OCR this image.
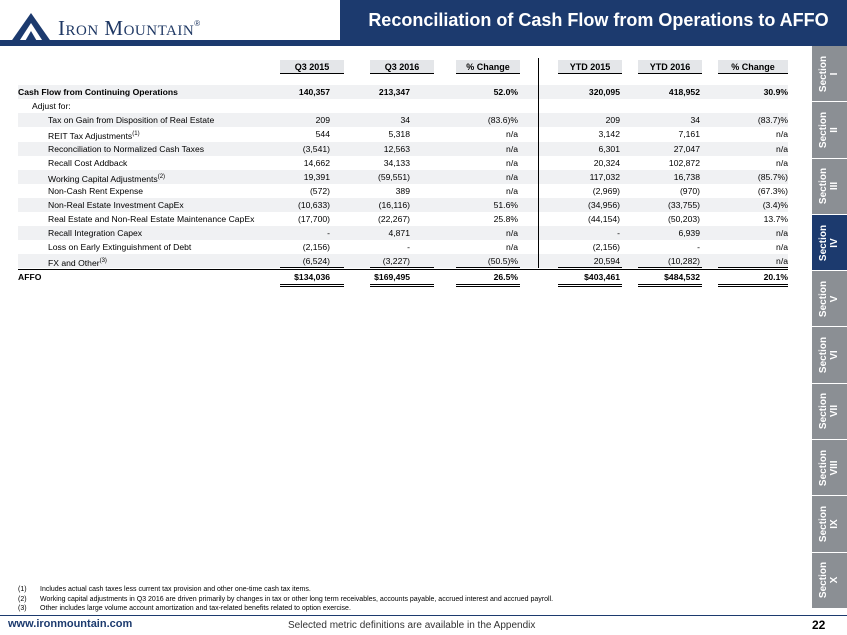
Iron Mountain ®	Reconciliation of Cash Flow from Operations to AFFO
Section I
Section II
Section III
Section IV
Section V
Section VI
Section VII
Section VIII
Section IX
Section X
Q3 2015	Q3 2016	% Change	YTD 2015	YTD 2016	% Change
Cash Flow from Continuing Operations	140,357	213,347	52.0%	320,095	418,952	30.9%
Adjust for:
Tax on Gain from Disposition of Real Estate	209	34	(83.6)%	209	34	(83.7)%
REIT Tax Adjustments$^{(1)}$	544	5,318	n/a	3,142	7,161	n/a
Reconciliation to Normalized Cash Taxes	(3,541)	12,563	n/a	6,301	27,047	n/a
Recall Cost Addback	14,662	34,133	n/a	20,324	102,872	n/a
Working Capital Adjustments$^{(2)}$	19,391	(59,551)	n/a	117,032	16,738	(85.7%)
Non-Cash Rent Expense	(572)	389	n/a	(2,969)	(970)	(67.3%)
Non-Real Estate Investment CapEx	(10,633)	(16,116)	51.6%	(34,956)	(33,755)	(3.4)%
Real Estate and Non-Real Estate Maintenance CapEx	(17,700)	(22,267)	25.8%	(44,154)	(50,203)	13.7%
Recall Integration Capex	-	4,871	n/a	-	6,939	n/a
Loss on Early Extinguishment of Debt	(2,156)	-	n/a	(2,156)	-	n/a
FX and Other$^{(3)}$	(6,524)	(3,227)	(50.5)%	20,594	(10,282)	n/a
AFFO	$134,036	$169,495	26.5%	$403,461	$484,532	20.1%
(1)	Includes actual cash taxes less current tax provision and other one-time cash tax items.
(2)	Working capital adjustments in Q3 2016 are driven primarily by changes in tax or other long term receivables, accounts payable, accrued interest and accrued payroll.
(3)	Other includes large volume account amortization and tax-related benefits related to option exercise.
www.ironmountain.com	Selected metric definitions are available in the Appendix	22
